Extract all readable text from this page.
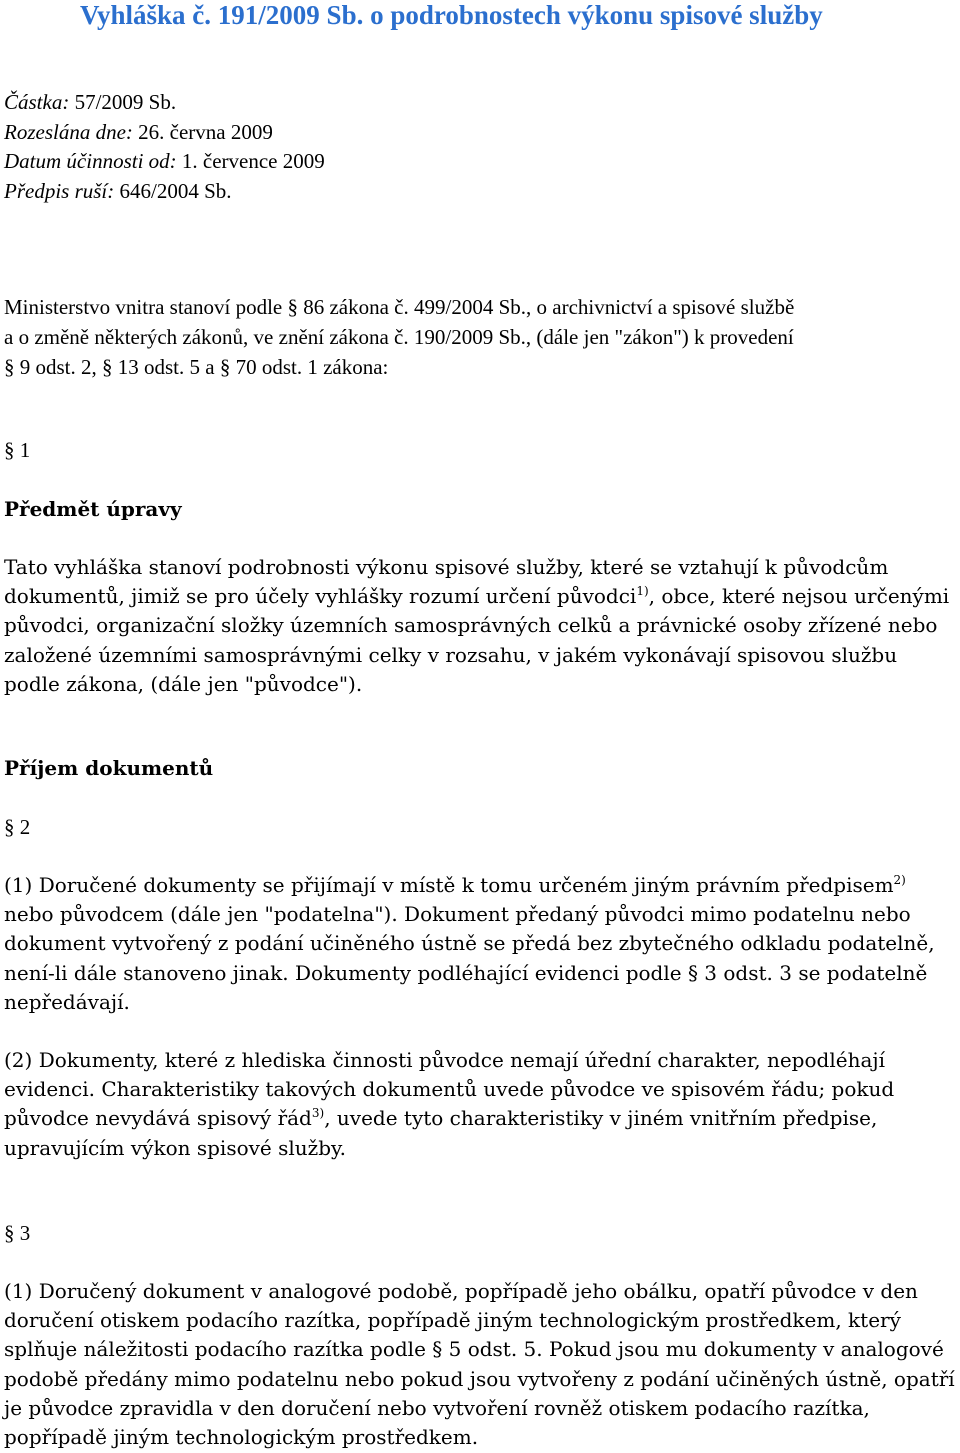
Vyhláška č. 191/2009 Sb. o podrobnostech výkonu spisové služby
Částka: 57/2009 Sb.
Rozeslána dne: 26. června 2009
Datum účinnosti od: 1. července 2009
Předpis ruší: 646/2004 Sb.
Ministerstvo vnitra stanoví podle § 86 zákona č. 499/2004 Sb., o archivnictví a spisové službě
a o změně některých zákonů, ve znění zákona č. 190/2009 Sb., (dále jen "zákon") k provedení
§ 9 odst. 2, § 13 odst. 5 a § 70 odst. 1 zákona:
§ 1
Předmět úpravy
Tato vyhláška stanoví podrobnosti výkonu spisové služby, které se vztahují k původcům
dokumentů, jimiž se pro účely vyhlášky rozumí určení původci$^{1)}$, obce, které nejsou určenými
původci, organizační složky územních samosprávných celků a právnické osoby zřízené nebo
založené územními samosprávnými celky v rozsahu, v jakém vykonávají spisovou službu
podle zákona, (dále jen "původce").
Příjem dokumentů
§ 2
(1) Doručené dokumenty se přijímají v místě k tomu určeném jiným právním předpisem$^{2)}$
nebo původcem (dále jen "podatelna"). Dokument předaný původci mimo podatelnu nebo
dokument vytvořený z podání učiněného ústně se předá bez zbytečného odkladu podatelně,
není-li dále stanoveno jinak. Dokumenty podléhající evidenci podle § 3 odst. 3 se podatelně
nepředávají.
(2) Dokumenty, které z hlediska činnosti původce nemají úřední charakter, nepodléhají
evidenci. Charakteristiky takových dokumentů uvede původce ve spisovém řádu; pokud
původce nevydává spisový řád$^{3)}$, uvede tyto charakteristiky v jiném vnitřním předpise,
upravujícím výkon spisové služby.
§ 3
(1) Doručený dokument v analogové podobě, popřípadě jeho obálku, opatří původce v den
doručení otiskem podacího razítka, popřípadě jiným technologickým prostředkem, který
splňuje náležitosti podacího razítka podle § 5 odst. 5. Pokud jsou mu dokumenty v analogové
podobě předány mimo podatelnu nebo pokud jsou vytvořeny z podání učiněných ústně, opatří
je původce zpravidla v den doručení nebo vytvoření rovněž otiskem podacího razítka,
popřípadě jiným technologickým prostředkem.
